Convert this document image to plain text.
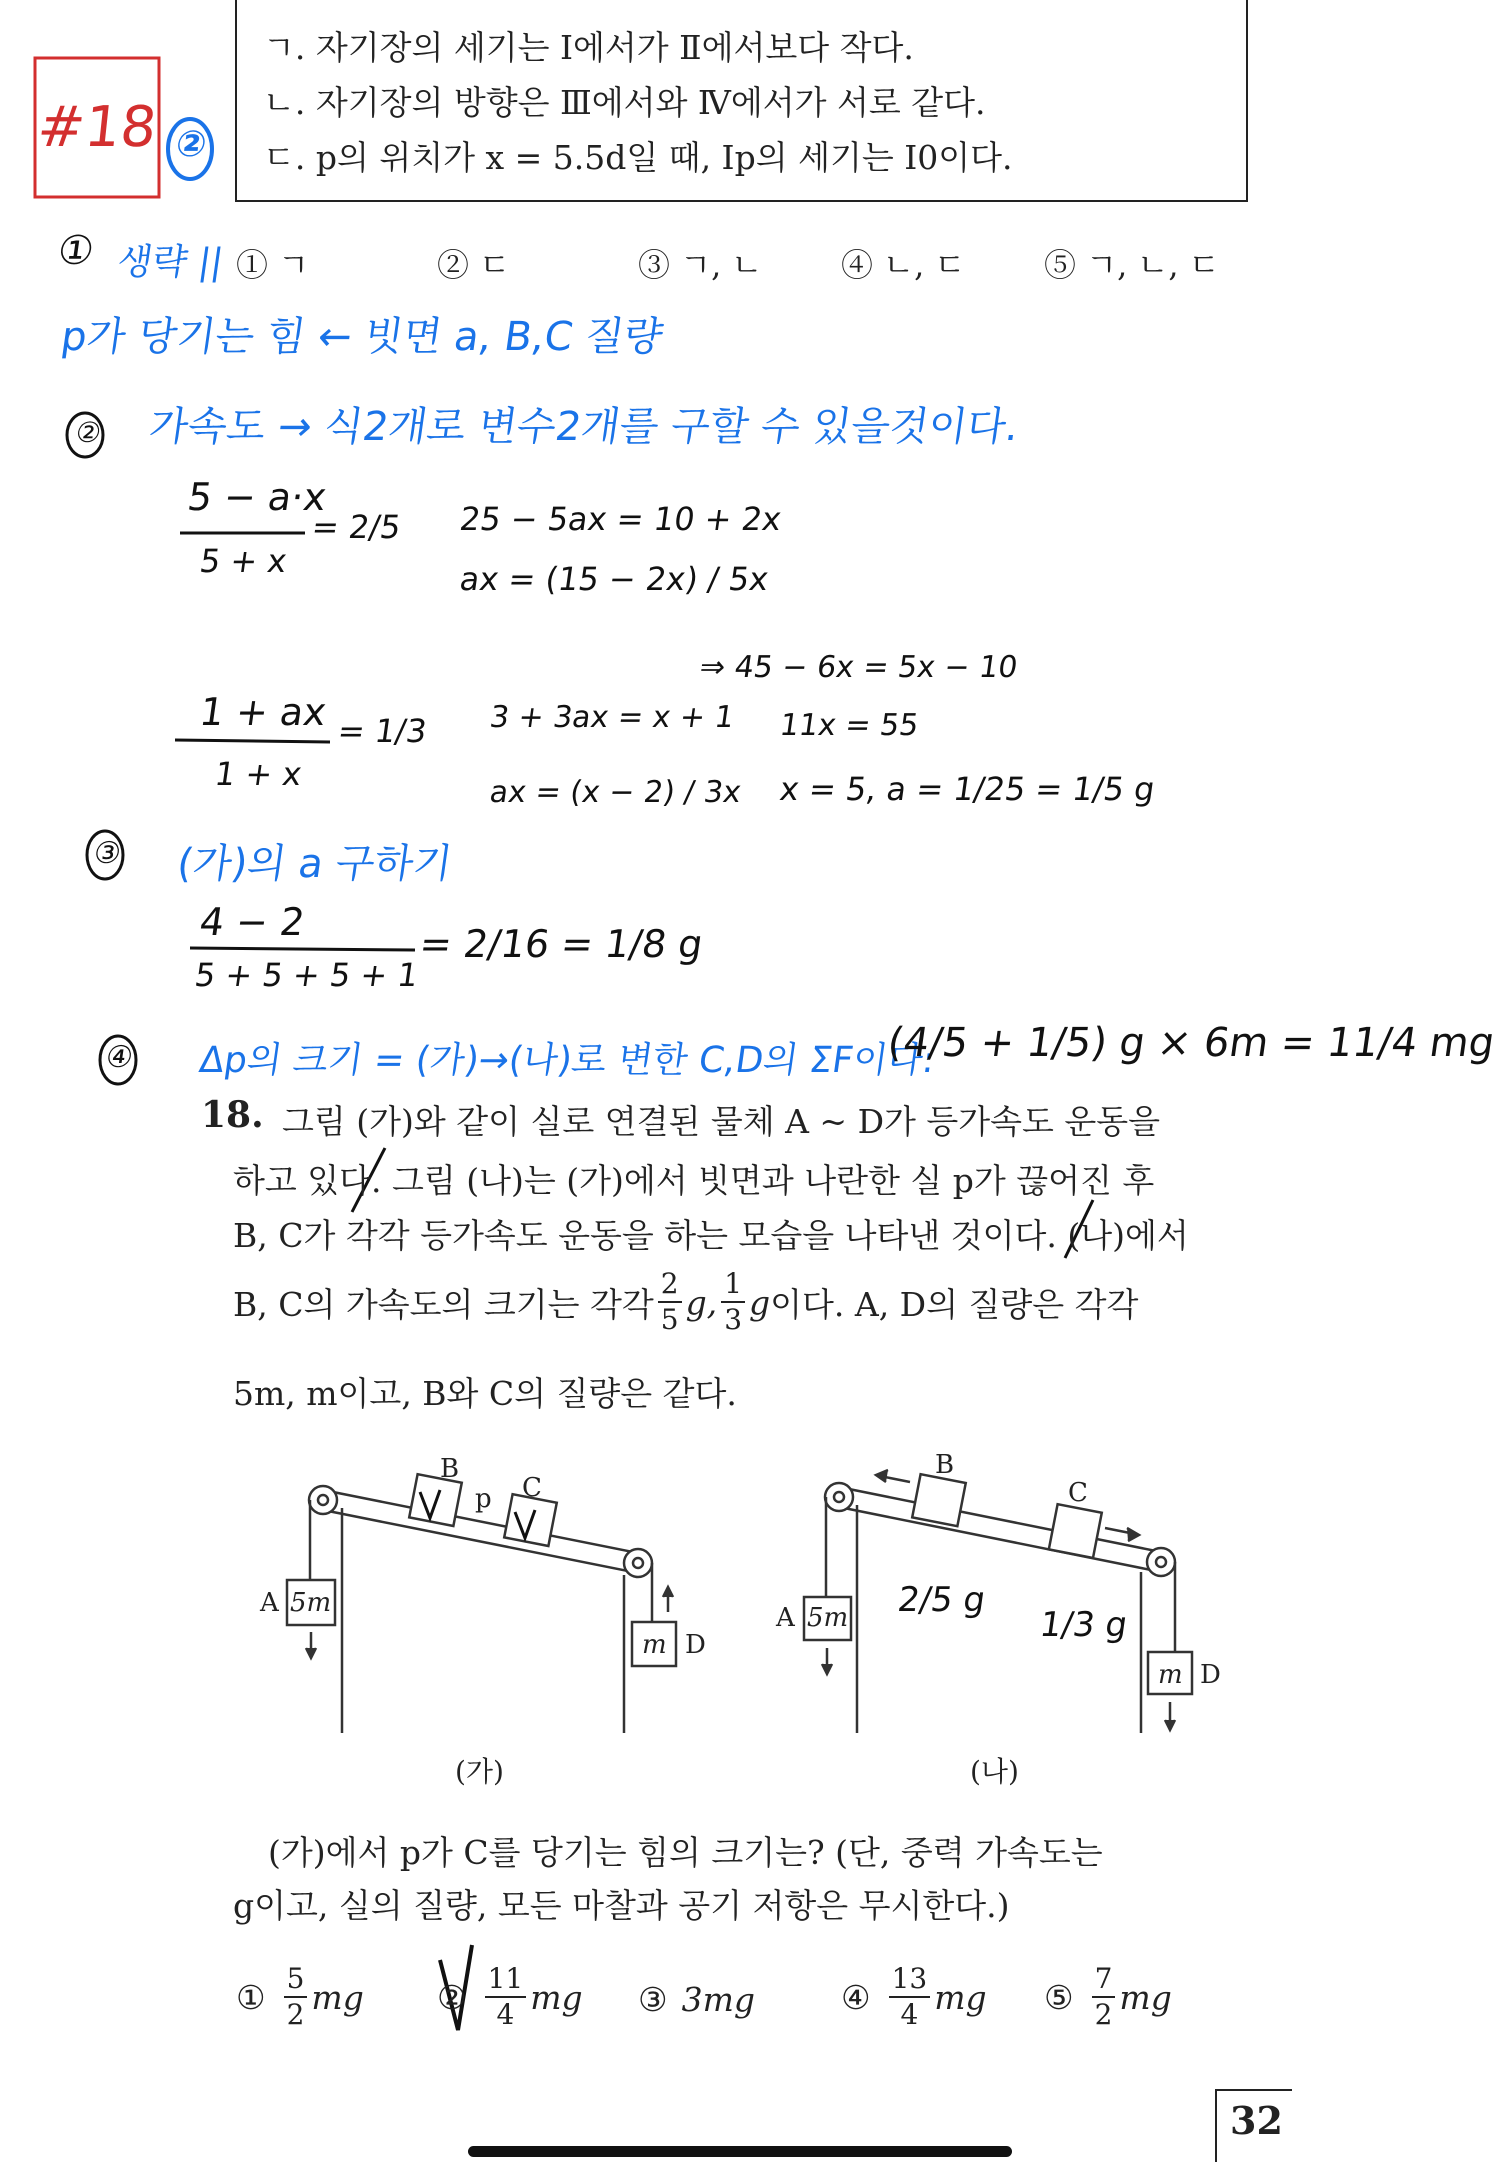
ㄱ. 자기장의 세기는 Ⅰ에서가 Ⅱ에서보다 작다.
ㄴ. 자기장의 방향은 Ⅲ에서와 Ⅳ에서가 서로 같다.
ㄷ. p의 위치가 x = 5.5d일 때, Ip의 세기는 I0이다.
① ㄱ	② ㄷ	③ ㄱ, ㄴ ④ ㄴ, ㄷ ⑤ ㄱ, ㄴ, ㄷ
#18 ②
① 생략 ||
p가 당기는 힘 ← 빗면 a, B,C 질량
② 가속도 → 식2개로 변수2개를 구할 수 있을것이다.
5 − a·x
5 + x
= 2/5 25 − 5ax = 10 + 2x
ax = (15 − 2x) / 5x
1 + ax
1 + x
= 1/3 3 + 3ax = x + 1
ax = (x − 2) / 3x
⇒ 45 − 6x = 5x − 10
11x = 55
x = 5, a = 1/25 = 1/5 g
③ (가)의 a 구하기
4 − 2
5 + 5 + 5 + 1
= 2/16 = 1/8 g
④ Δp의 크기 = (가)→(나)로 변한 C,D의 ΣF이다:
(4/5 + 1/5) g × 6m = 11/4 mg
18. 그림 (가)와 같이 실로 연결된 물체 A ~ D가 등가속도 운동을
하고 있다. 그림 (나)는 (가)에서 빗면과 나란한 실 p가 끊어진 후
B, C가 각각 등가속도 운동을 하는 모습을 나타낸 것이다. (나)에서
B, C의 가속도의 크기는 각각 $\frac{2}{5} g$, $\frac{1}{3}$ g 이다. A, D의 질량은 각각
5m, m이고, B와 C의 질량은 같다.
B
p C
A 5m
m D
(가)
B
C
A 5m
m D
2/5 g
1/3 g
(나)
(가)에서 p가 C를 당기는 힘의 크기는? (단, 중력 가속도는
g이고, 실의 질량, 모든 마찰과 공기 저항은 무시한다.)
① $\frac{5}{2}$ mg ② $\frac{11}{4}$ mg ③ 3mg	④ $\frac{13}{4}$ mg ⑤ $\frac{7}{2}$ mg
32
